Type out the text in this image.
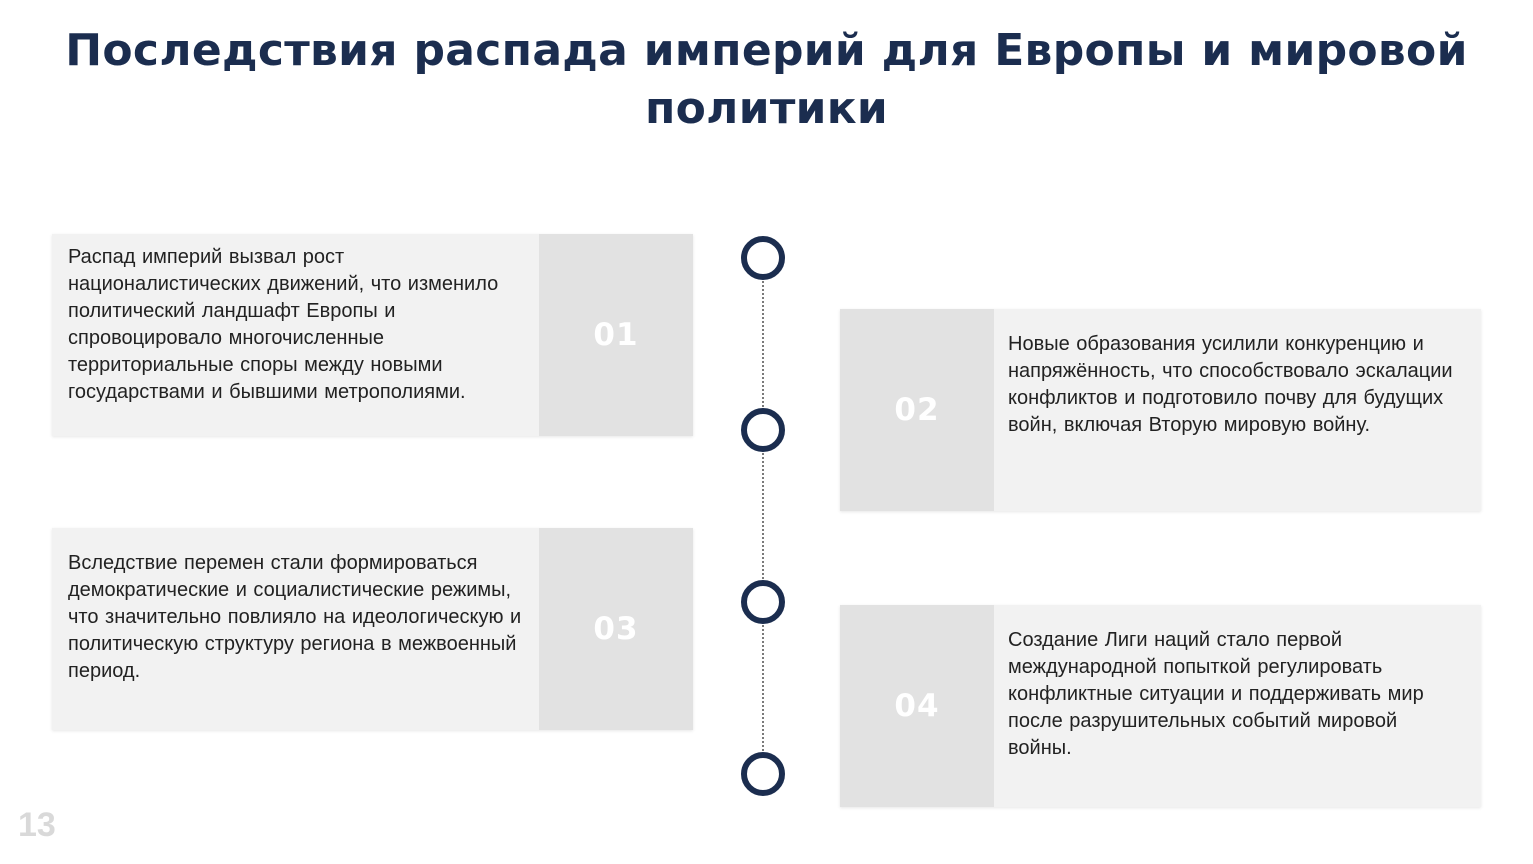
Последствия распада империй для Европы и мировой политики
Распад империй вызвал рост националистических движений, что изменило политический ландшафт Европы и спровоцировало многочисленные территориальные споры между новыми государствами и бывшими метрополиями.
01
02
Новые образования усилили конкуренцию и напряжённость, что способствовало эскалации конфликтов и подготовило почву для будущих войн, включая Вторую мировую войну.
Вследствие перемен стали формироваться демократические и социалистические режимы, что значительно повлияло на идеологическую и политическую структуру региона в межвоенный период.
03
04
Создание Лиги наций стало первой международной попыткой регулировать конфликтные ситуации и поддерживать мир после разрушительных событий мировой войны.
13
